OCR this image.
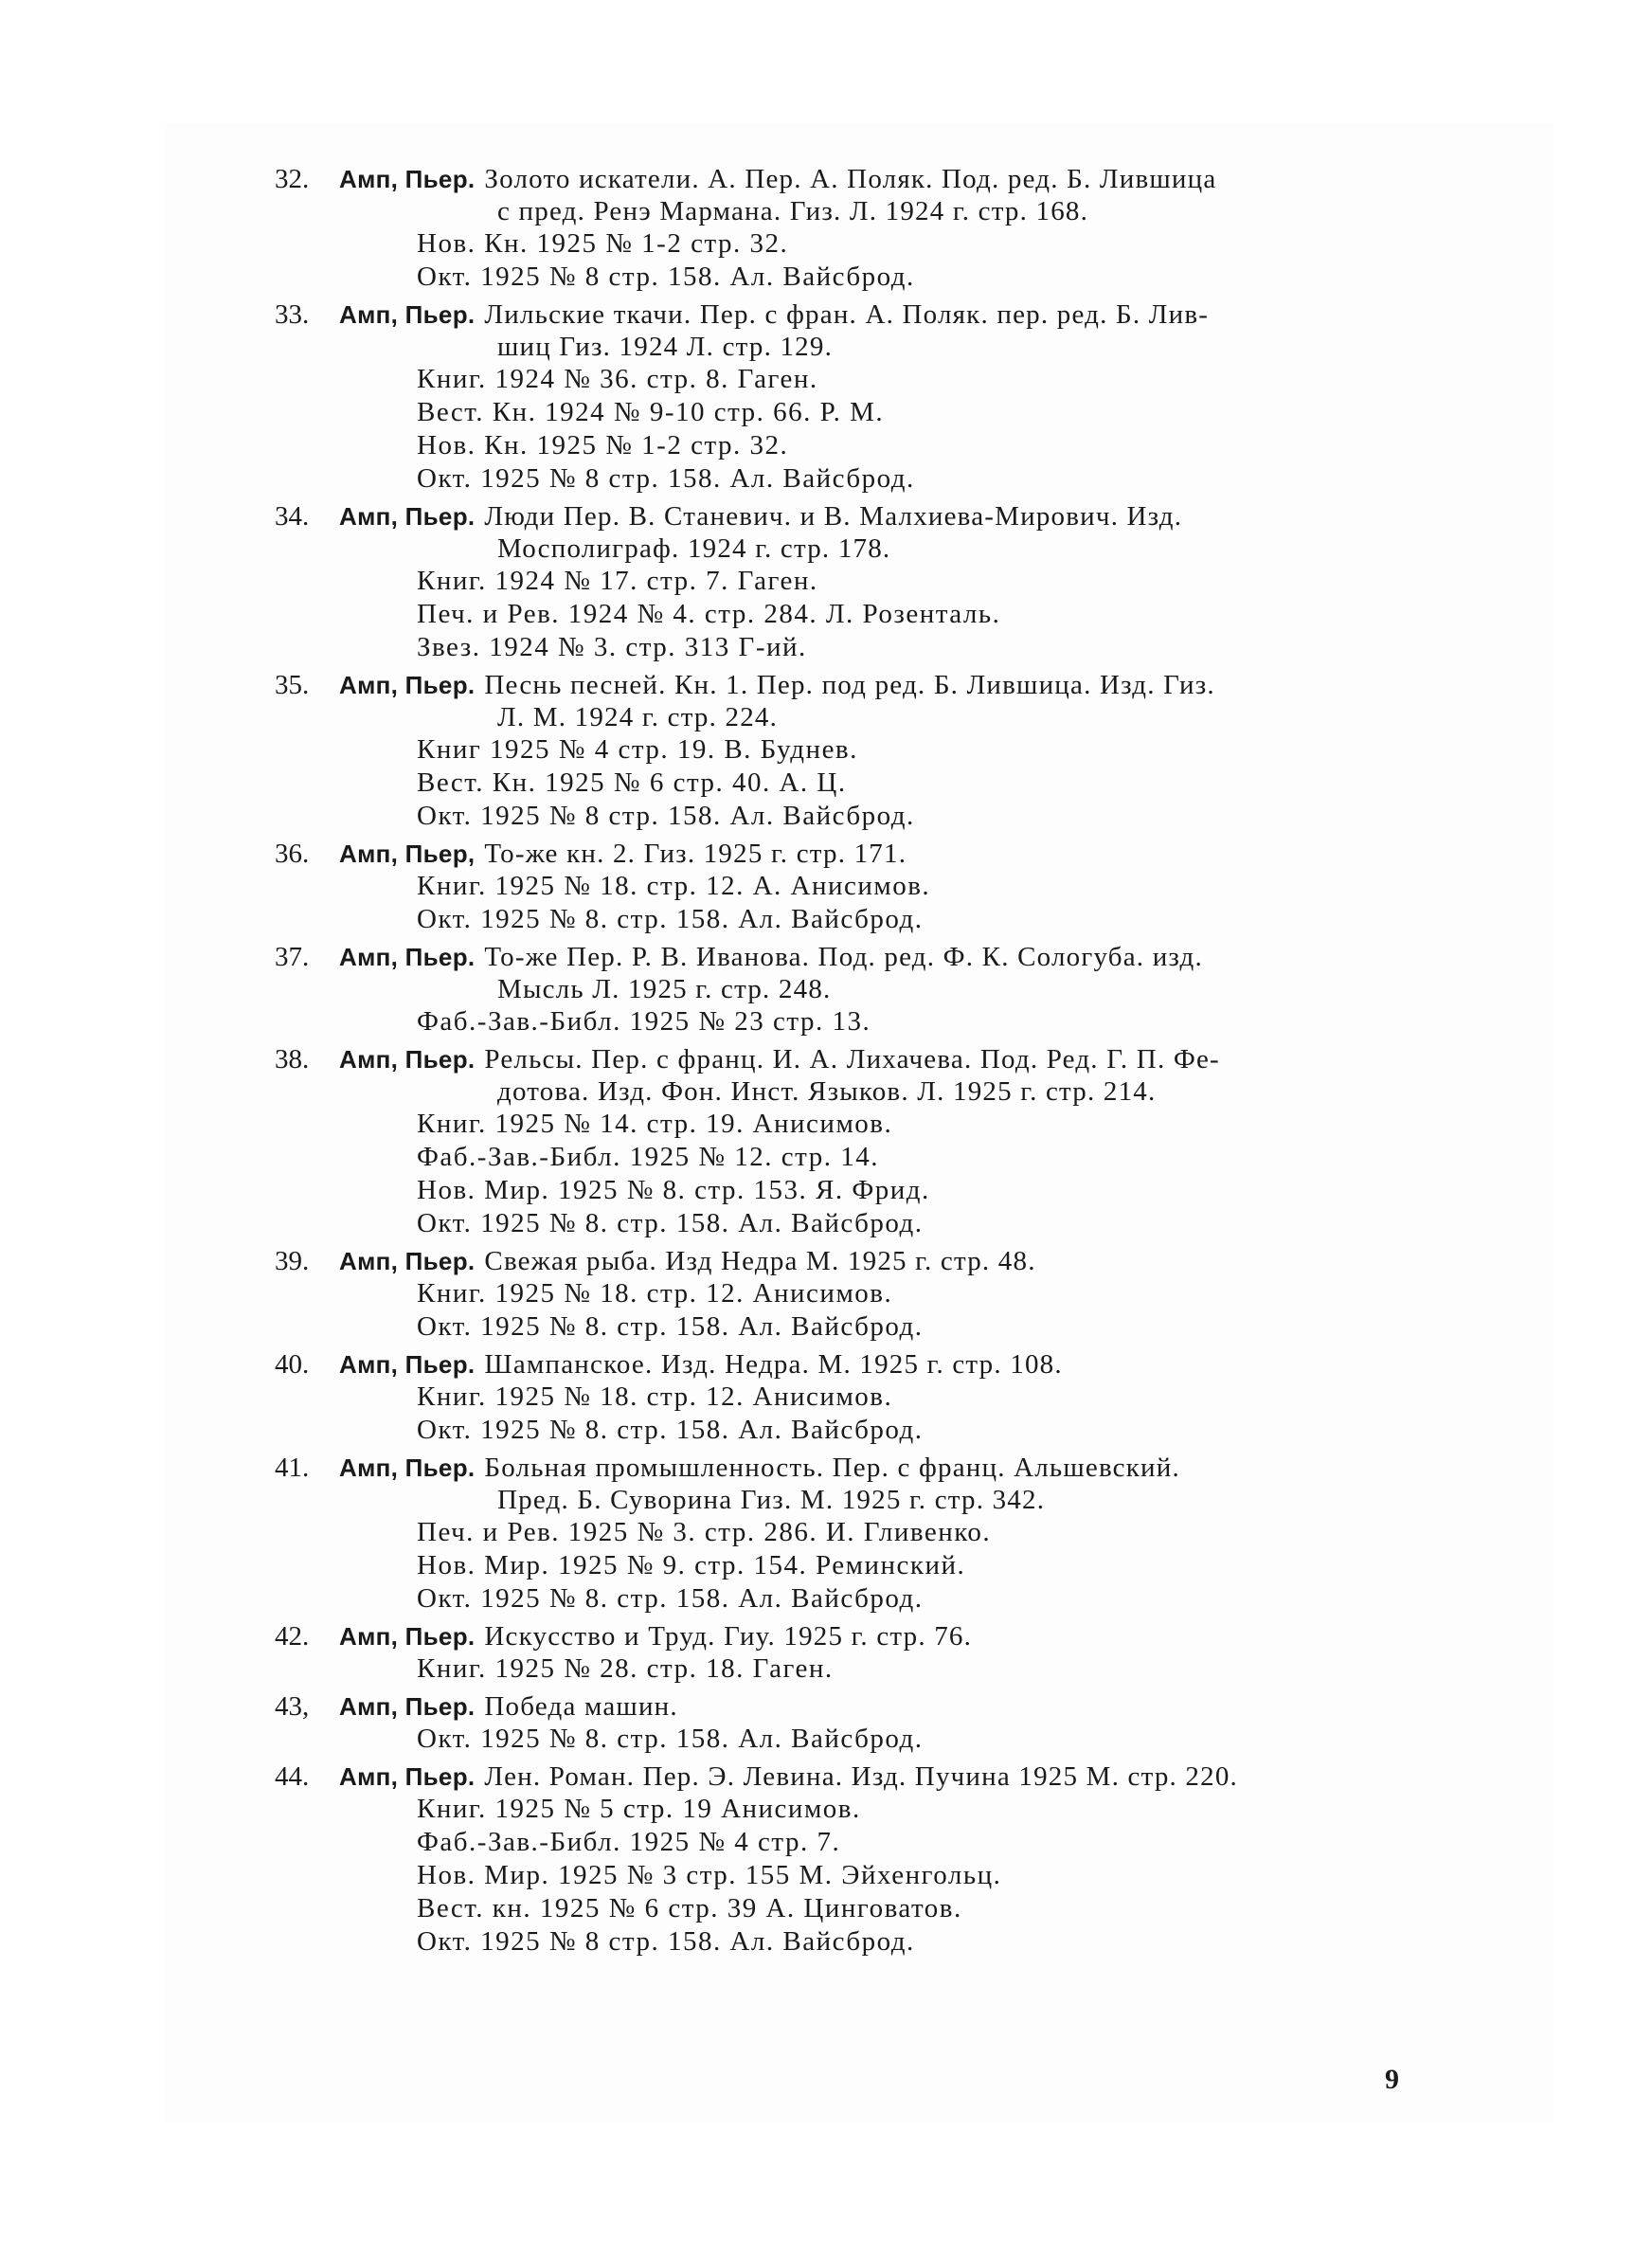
32.	Амп, Пьер. Золото искатели. А. Пер. А. Поляк. Под. ред. Б. Лившица
с пред. Ренэ Мармана. Гиз. Л. 1924 г. стр. 168.
Нов. Кн. 1925 № 1-2 стр. 32.
Окт. 1925 № 8 стр. 158. Ал. Вайсброд.
33.	Амп, Пьер. Лильские ткачи. Пер. с фран. А. Поляк. пер. ред. Б. Лив-
шиц Гиз. 1924 Л. стр. 129.
Книг. 1924 № 36. стр. 8. Гаген.
Вест. Кн. 1924 № 9-10 стр. 66. Р. М.
Нов. Кн. 1925 № 1-2 стр. 32.
Окт. 1925 № 8 стр. 158. Ал. Вайсброд.
34.	Амп, Пьер. Люди Пер. В. Станевич. и В. Малхиева-Мирович. Изд.
Мосполиграф. 1924 г. стр. 178.
Книг. 1924 № 17. стр. 7. Гаген.
Печ. и Рев. 1924 № 4. стр. 284. Л. Розенталь.
Звез. 1924 № 3. стр. 313 Г-ий.
35.	Амп, Пьер. Песнь песней. Кн. 1. Пер. под ред. Б. Лившица. Изд. Гиз.
Л. М. 1924 г. стр. 224.
Книг 1925 № 4 стр. 19. В. Буднев.
Вест. Кн. 1925 № 6 стр. 40. А. Ц.
Окт. 1925 № 8 стр. 158. Ал. Вайсброд.
36.	Амп, Пьер, То-же кн. 2. Гиз. 1925 г. стр. 171.
Книг. 1925 № 18. стр. 12. А. Анисимов.
Окт. 1925 № 8. стр. 158. Ал. Вайсброд.
37.	Амп, Пьер. То-же Пер. Р. В. Иванова. Под. ред. Ф. К. Сологуба. изд.
Мысль Л. 1925 г. стр. 248.
Фаб.-Зав.-Библ. 1925 № 23 стр. 13.
38.	Амп, Пьер. Рельсы. Пер. с франц. И. А. Лихачева. Под. Ред. Г. П. Фе-
дотова. Изд. Фон. Инст. Языков. Л. 1925 г. стр. 214.
Книг. 1925 № 14. стр. 19. Анисимов.
Фаб.-Зав.-Библ. 1925 № 12. стр. 14.
Нов. Мир. 1925 № 8. стр. 153. Я. Фрид.
Окт. 1925 № 8. стр. 158. Ал. Вайсброд.
39.	Амп, Пьер. Свежая рыба. Изд Недра М. 1925 г. стр. 48.
Книг. 1925 № 18. стр. 12. Анисимов.
Окт. 1925 № 8. стр. 158. Ал. Вайсброд.
40.	Амп, Пьер. Шампанское. Изд. Недра. М. 1925 г. стр. 108.
Книг. 1925 № 18. стр. 12. Анисимов.
Окт. 1925 № 8. стр. 158. Ал. Вайсброд.
41.	Амп, Пьер. Больная промышленность. Пер. с франц. Альшевский.
Пред. Б. Суворина Гиз. М. 1925 г. стр. 342.
Печ. и Рев. 1925 № 3. стр. 286. И. Гливенко.
Нов. Мир. 1925 № 9. стр. 154. Реминский.
Окт. 1925 № 8. стр. 158. Ал. Вайсброд.
42.	Амп, Пьер. Искусство и Труд. Гиу. 1925 г. стр. 76.
Книг. 1925 № 28. стр. 18. Гаген.
43,	Амп, Пьер. Победа машин.
Окт. 1925 № 8. стр. 158. Ал. Вайсброд.
44.	Амп, Пьер. Лен. Роман. Пер. Э. Левина. Изд. Пучина 1925 М. стр. 220.
Книг. 1925 № 5 стр. 19 Анисимов.
Фаб.-Зав.-Библ. 1925 № 4 стр. 7.
Нов. Мир. 1925 № 3 стр. 155 М. Эйхенгольц.
Вест. кн. 1925 № 6 стр. 39 А. Цинговатов.
Окт. 1925 № 8 стр. 158. Ал. Вайсброд.
9
